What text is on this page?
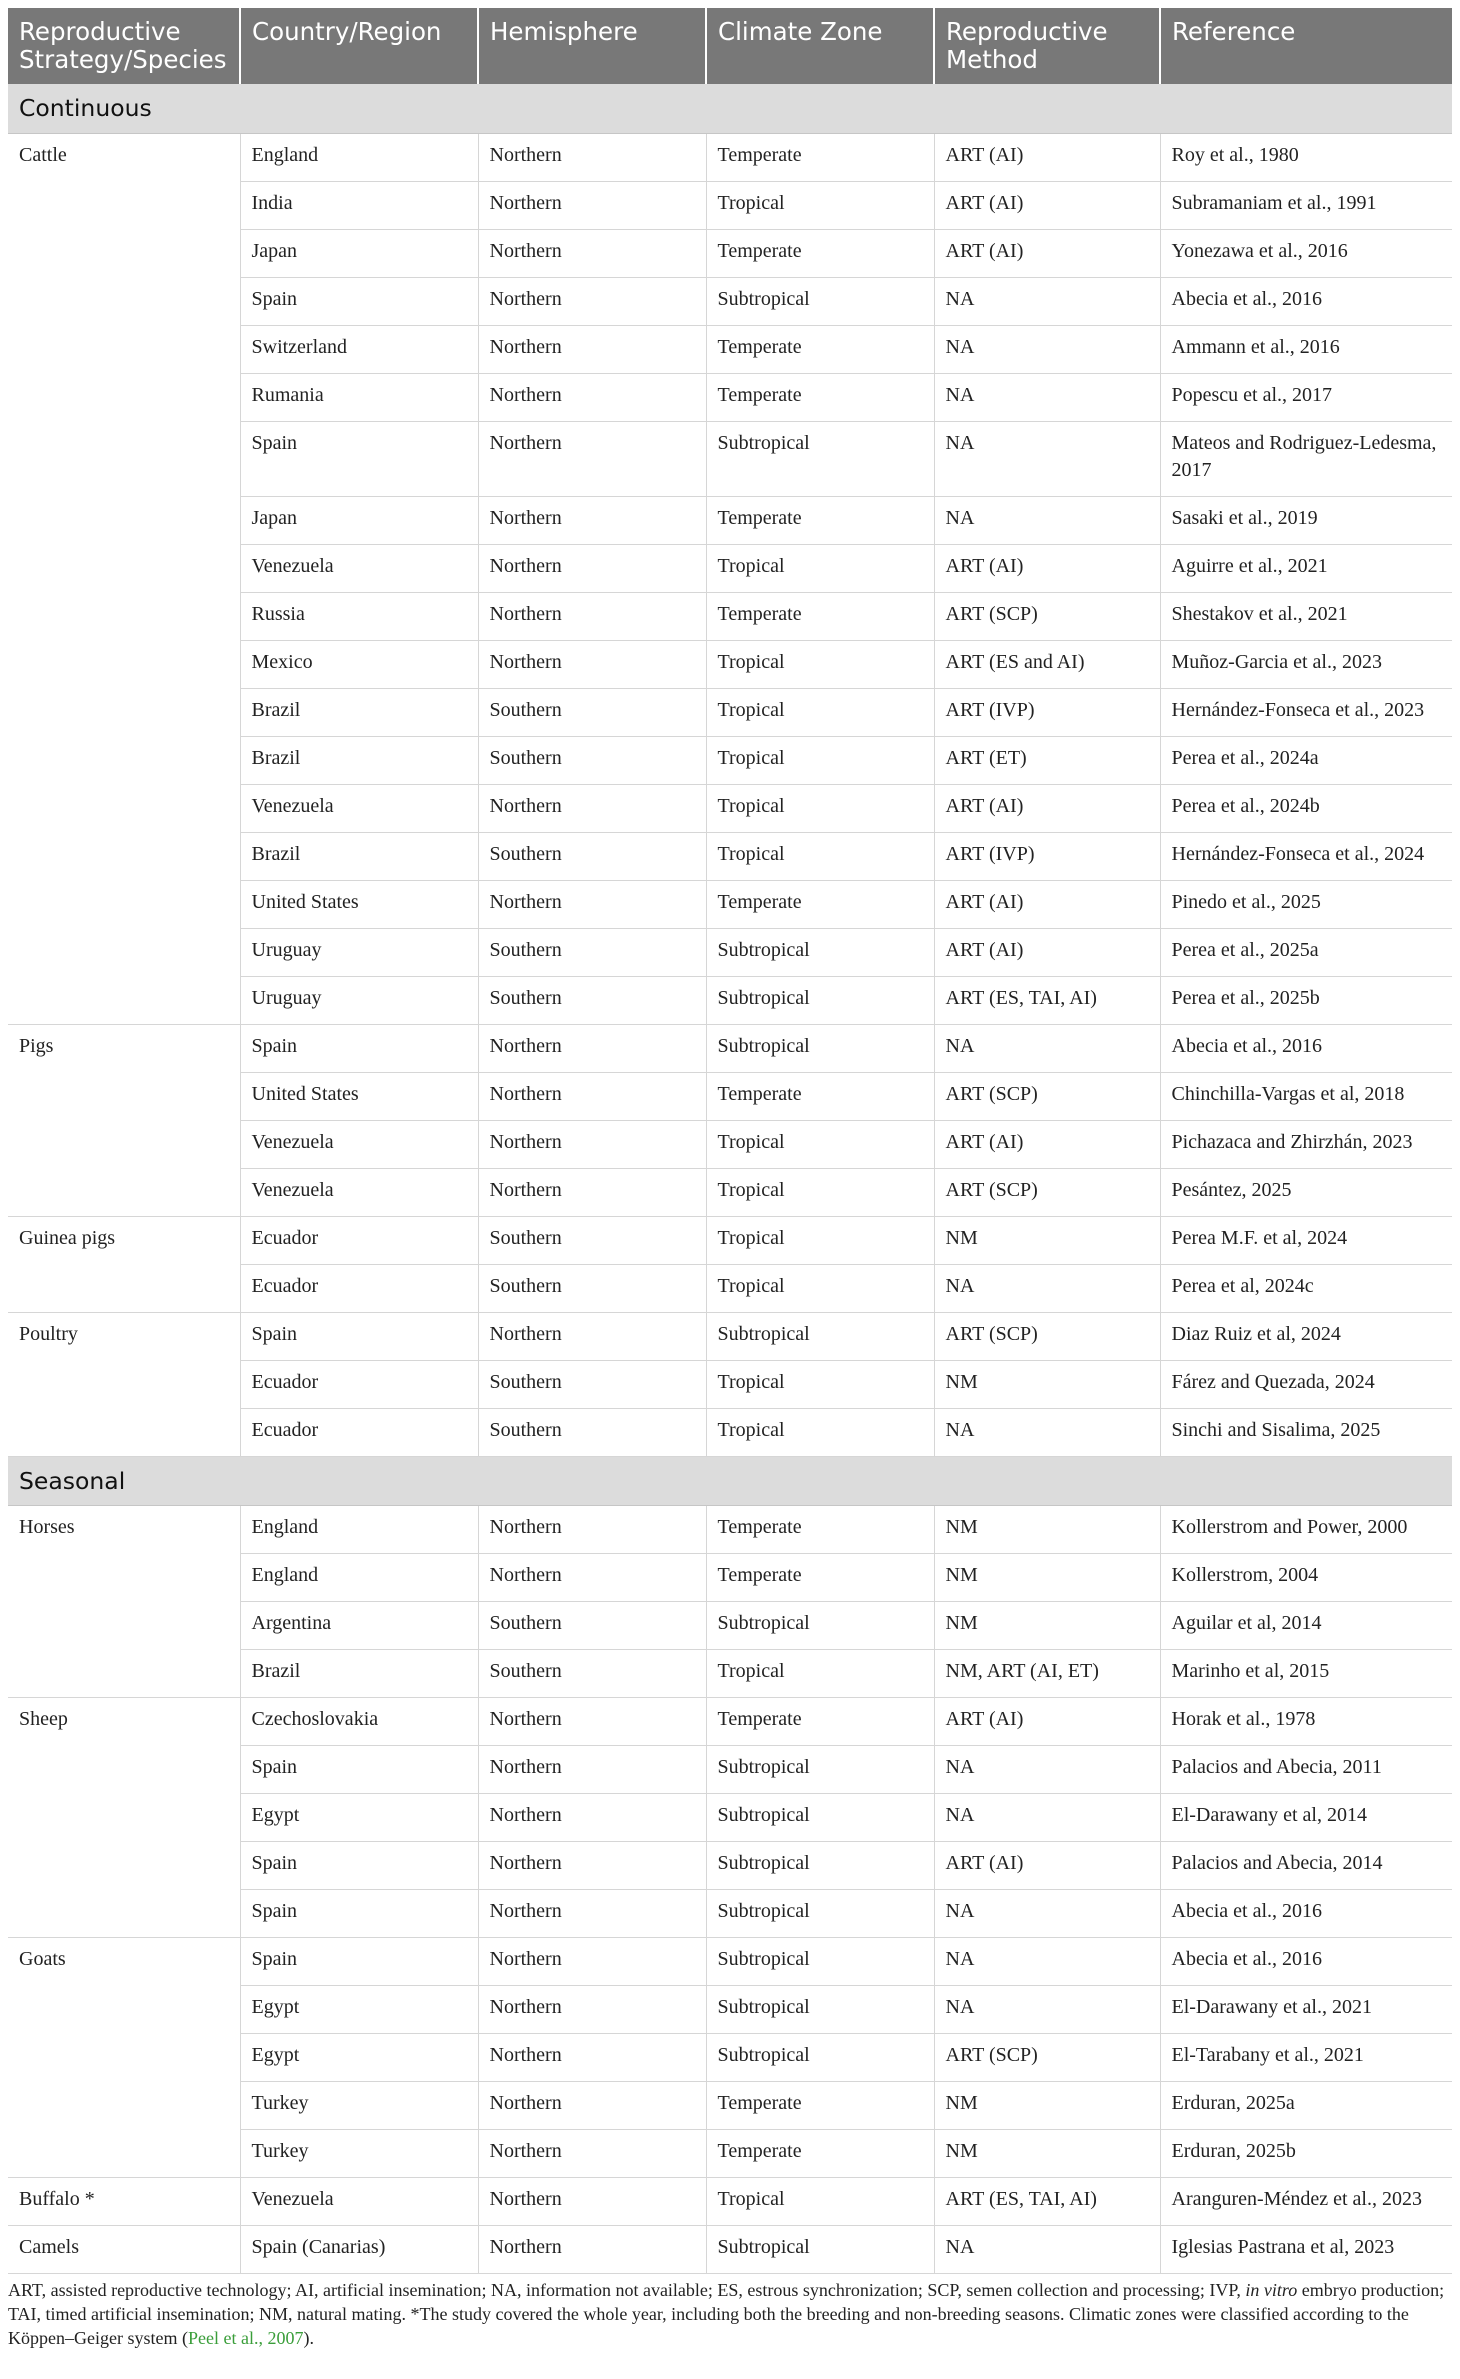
Reproductive Strategy/Species	Country/Region	Hemisphere	Climate Zone	Reproductive Method	Reference
Continuous					
Cattle	England	Northern	Temperate	ART (AI)	Roy et al., 1980
	India	Northern	Tropical	ART (AI)	Subramaniam et al., 1991
	Japan	Northern	Temperate	ART (AI)	Yonezawa et al., 2016
	Spain	Northern	Subtropical	NA	Abecia et al., 2016
	Switzerland	Northern	Temperate	NA	Ammann et al., 2016
	Rumania	Northern	Temperate	NA	Popescu et al., 2017
	Spain	Northern	Subtropical	NA	Mateos and Rodriguez-Ledesma, 2017
	Japan	Northern	Temperate	NA	Sasaki et al., 2019
	Venezuela	Northern	Tropical	ART (AI)	Aguirre et al., 2021
	Russia	Northern	Temperate	ART (SCP)	Shestakov et al., 2021
	Mexico	Northern	Tropical	ART (ES and AI)	Muñoz-Garcia et al., 2023
	Brazil	Southern	Tropical	ART (IVP)	Hernández-Fonseca et al., 2023
	Brazil	Southern	Tropical	ART (ET)	Perea et al., 2024a
	Venezuela	Northern	Tropical	ART (AI)	Perea et al., 2024b
	Brazil	Southern	Tropical	ART (IVP)	Hernández-Fonseca et al., 2024
	United States	Northern	Temperate	ART (AI)	Pinedo et al., 2025
	Uruguay	Southern	Subtropical	ART (AI)	Perea et al., 2025a
	Uruguay	Southern	Subtropical	ART (ES, TAI, AI)	Perea et al., 2025b
Pigs	Spain	Northern	Subtropical	NA	Abecia et al., 2016
	United States	Northern	Temperate	ART (SCP)	Chinchilla-Vargas et al, 2018
	Venezuela	Northern	Tropical	ART (AI)	Pichazaca and Zhirzhán, 2023
	Venezuela	Northern	Tropical	ART (SCP)	Pesántez, 2025
Guinea pigs	Ecuador	Southern	Tropical	NM	Perea M.F. et al, 2024
	Ecuador	Southern	Tropical	NA	Perea et al, 2024c
Poultry	Spain	Northern	Subtropical	ART (SCP)	Diaz Ruiz et al, 2024
	Ecuador	Southern	Tropical	NM	Fárez and Quezada, 2024
	Ecuador	Southern	Tropical	NA	Sinchi and Sisalima, 2025
Seasonal					
Horses	England	Northern	Temperate	NM	Kollerstrom and Power, 2000
	England	Northern	Temperate	NM	Kollerstrom, 2004
	Argentina	Southern	Subtropical	NM	Aguilar et al, 2014
	Brazil	Southern	Tropical	NM, ART (AI, ET)	Marinho et al, 2015
Sheep	Czechoslovakia	Northern	Temperate	ART (AI)	Horak et al., 1978
	Spain	Northern	Subtropical	NA	Palacios and Abecia, 2011
	Egypt	Northern	Subtropical	NA	El-Darawany et al, 2014
	Spain	Northern	Subtropical	ART (AI)	Palacios and Abecia, 2014
	Spain	Northern	Subtropical	NA	Abecia et al., 2016
Goats	Spain	Northern	Subtropical	NA	Abecia et al., 2016
	Egypt	Northern	Subtropical	NA	El-Darawany et al., 2021
	Egypt	Northern	Subtropical	ART (SCP)	El-Tarabany et al., 2021
	Turkey	Northern	Temperate	NM	Erduran, 2025a
	Turkey	Northern	Temperate	NM	Erduran, 2025b
Buffalo *	Venezuela	Northern	Tropical	ART (ES, TAI, AI)	Aranguren-Méndez et al., 2023
Camels	Spain (Canarias)	Northern	Subtropical	NA	Iglesias Pastrana et al, 2023
ART, assisted reproductive technology; AI, artificial insemination; NA, information not available; ES, estrous synchronization; SCP, semen collection and processing; IVP, in vitro embryo production; TAI, timed artificial insemination; NM, natural mating. *The study covered the whole year, including both the breeding and non-breeding seasons. Climatic zones were classified according to the Köppen–Geiger system (Peel et al., 2007).
